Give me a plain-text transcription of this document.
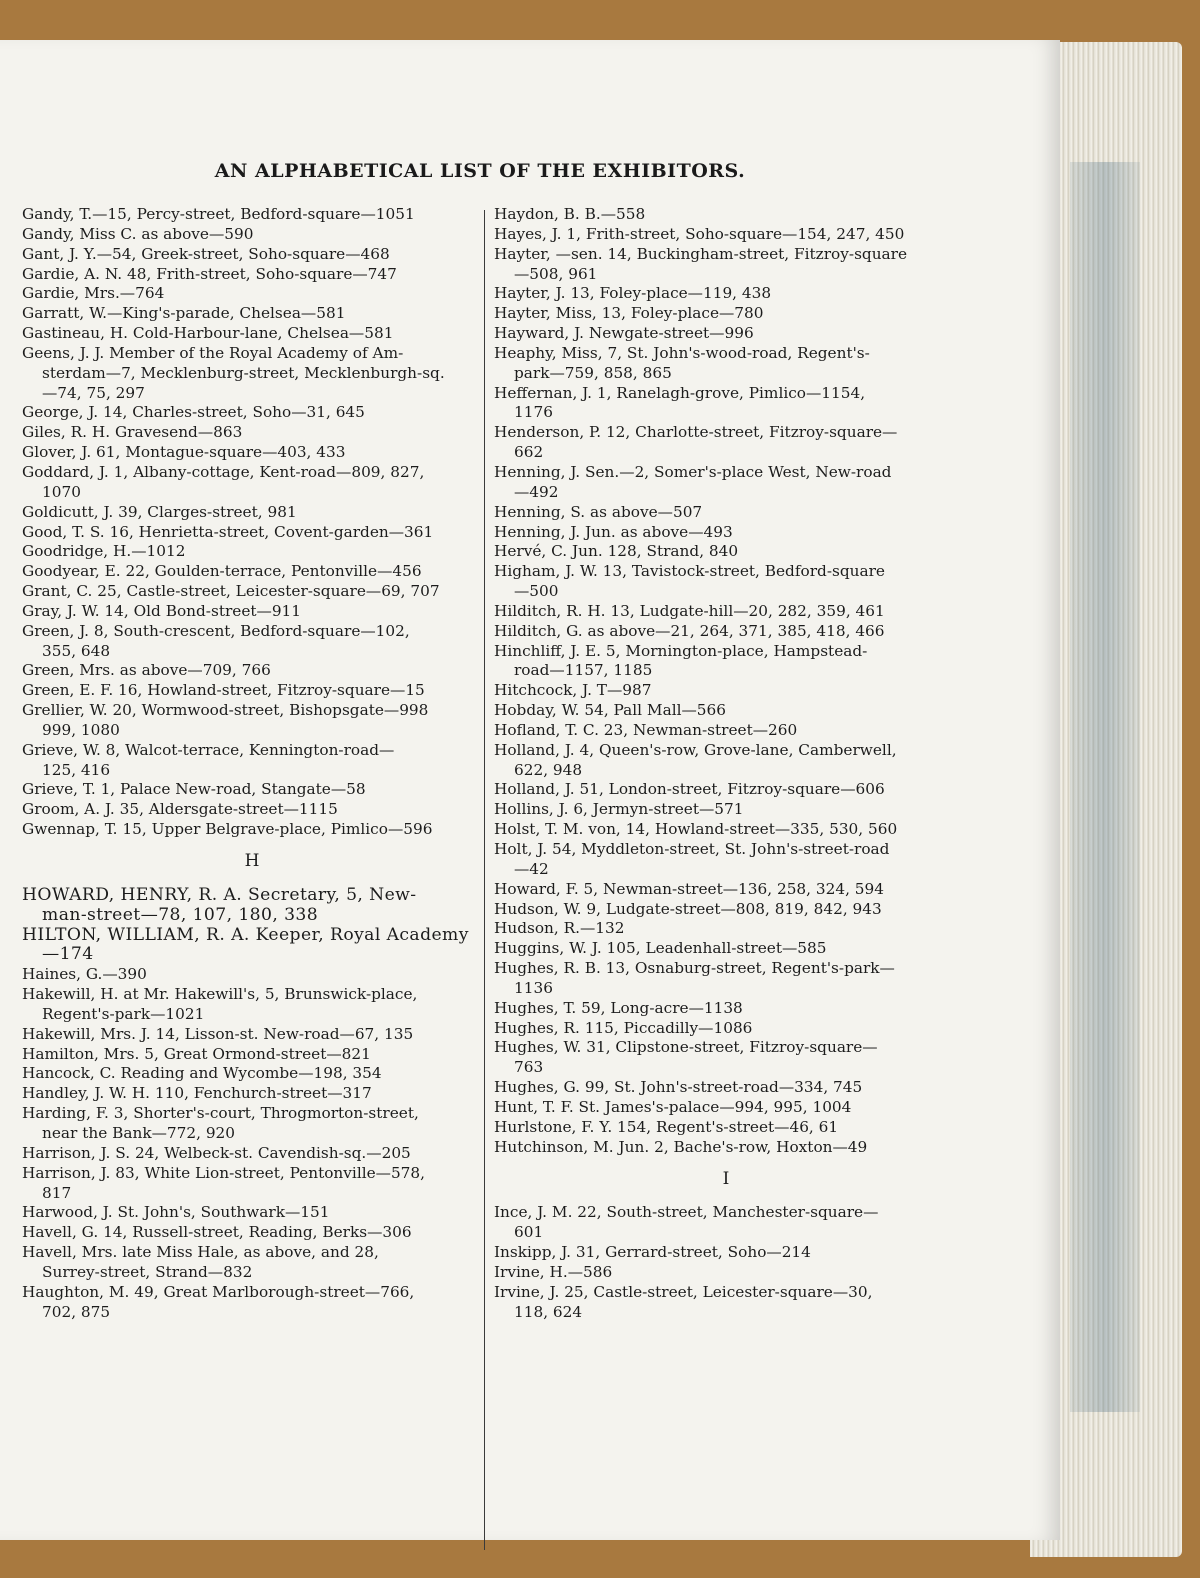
AN ALPHABETICAL LIST OF THE EXHIBITORS.
Gandy, T.—15, Percy-street, Bedford-square—1051
Gandy, Miss C. as above—590
Gant, J. Y.—54, Greek-street, Soho-square—468
Gardie, A. N. 48, Frith-street, Soho-square—747
Gardie, Mrs.—764
Garratt, W.—King's-parade, Chelsea—581
Gastineau, H. Cold-Harbour-lane, Chelsea—581
Geens, J. J. Member of the Royal Academy of Am-
sterdam—7, Mecklenburg-street, Mecklenburgh-sq.
—74, 75, 297
George, J. 14, Charles-street, Soho—31, 645
Giles, R. H. Gravesend—863
Glover, J. 61, Montague-square—403, 433
Goddard, J. 1, Albany-cottage, Kent-road—809, 827,
1070
Goldicutt, J. 39, Clarges-street, 981
Good, T. S. 16, Henrietta-street, Covent-garden—361
Goodridge, H.—1012
Goodyear, E. 22, Goulden-terrace, Pentonville—456
Grant, C. 25, Castle-street, Leicester-square—69, 707
Gray, J. W. 14, Old Bond-street—911
Green, J. 8, South-crescent, Bedford-square—102,
355, 648
Green, Mrs. as above—709, 766
Green, E. F. 16, Howland-street, Fitzroy-square—15
Grellier, W. 20, Wormwood-street, Bishopsgate—998
999, 1080
Grieve, W. 8, Walcot-terrace, Kennington-road—
125, 416
Grieve, T. 1, Palace New-road, Stangate—58
Groom, A. J. 35, Aldersgate-street—1115
Gwennap, T. 15, Upper Belgrave-place, Pimlico—596
H
HOWARD, HENRY, R. A. Secretary, 5, New-
man-street—78, 107, 180, 338
HILTON, WILLIAM, R. A. Keeper, Royal Academy
—174
Haines, G.—390
Hakewill, H. at Mr. Hakewill's, 5, Brunswick-place,
Regent's-park—1021
Hakewill, Mrs. J. 14, Lisson-st. New-road—67, 135
Hamilton, Mrs. 5, Great Ormond-street—821
Hancock, C. Reading and Wycombe—198, 354
Handley, J. W. H. 110, Fenchurch-street—317
Harding, F. 3, Shorter's-court, Throgmorton-street,
near the Bank—772, 920
Harrison, J. S. 24, Welbeck-st. Cavendish-sq.—205
Harrison, J. 83, White Lion-street, Pentonville—578,
817
Harwood, J. St. John's, Southwark—151
Havell, G. 14, Russell-street, Reading, Berks—306
Havell, Mrs. late Miss Hale, as above, and 28,
Surrey-street, Strand—832
Haughton, M. 49, Great Marlborough-street—766,
702, 875
Haydon, B. B.—558
Hayes, J. 1, Frith-street, Soho-square—154, 247, 450
Hayter, —sen. 14, Buckingham-street, Fitzroy-square
—508, 961
Hayter, J. 13, Foley-place—119, 438
Hayter, Miss, 13, Foley-place—780
Hayward, J. Newgate-street—996
Heaphy, Miss, 7, St. John's-wood-road, Regent's-
park—759, 858, 865
Heffernan, J. 1, Ranelagh-grove, Pimlico—1154,
1176
Henderson, P. 12, Charlotte-street, Fitzroy-square—
662
Henning, J. Sen.—2, Somer's-place West, New-road
—492
Henning, S. as above—507
Henning, J. Jun. as above—493
Hervé, C. Jun. 128, Strand, 840
Higham, J. W. 13, Tavistock-street, Bedford-square
—500
Hilditch, R. H. 13, Ludgate-hill—20, 282, 359, 461
Hilditch, G. as above—21, 264, 371, 385, 418, 466
Hinchliff, J. E. 5, Mornington-place, Hampstead-
road—1157, 1185
Hitchcock, J. T—987
Hobday, W. 54, Pall Mall—566
Hofland, T. C. 23, Newman-street—260
Holland, J. 4, Queen's-row, Grove-lane, Camberwell,
622, 948
Holland, J. 51, London-street, Fitzroy-square—606
Hollins, J. 6, Jermyn-street—571
Holst, T. M. von, 14, Howland-street—335, 530, 560
Holt, J. 54, Myddleton-street, St. John's-street-road
—42
Howard, F. 5, Newman-street—136, 258, 324, 594
Hudson, W. 9, Ludgate-street—808, 819, 842, 943
Hudson, R.—132
Huggins, W. J. 105, Leadenhall-street—585
Hughes, R. B. 13, Osnaburg-street, Regent's-park—
1136
Hughes, T. 59, Long-acre—1138
Hughes, R. 115, Piccadilly—1086
Hughes, W. 31, Clipstone-street, Fitzroy-square—
763
Hughes, G. 99, St. John's-street-road—334, 745
Hunt, T. F. St. James's-palace—994, 995, 1004
Hurlstone, F. Y. 154, Regent's-street—46, 61
Hutchinson, M. Jun. 2, Bache's-row, Hoxton—49
I
Ince, J. M. 22, South-street, Manchester-square—
601
Inskipp, J. 31, Gerrard-street, Soho—214
Irvine, H.—586
Irvine, J. 25, Castle-street, Leicester-square—30,
118, 624
